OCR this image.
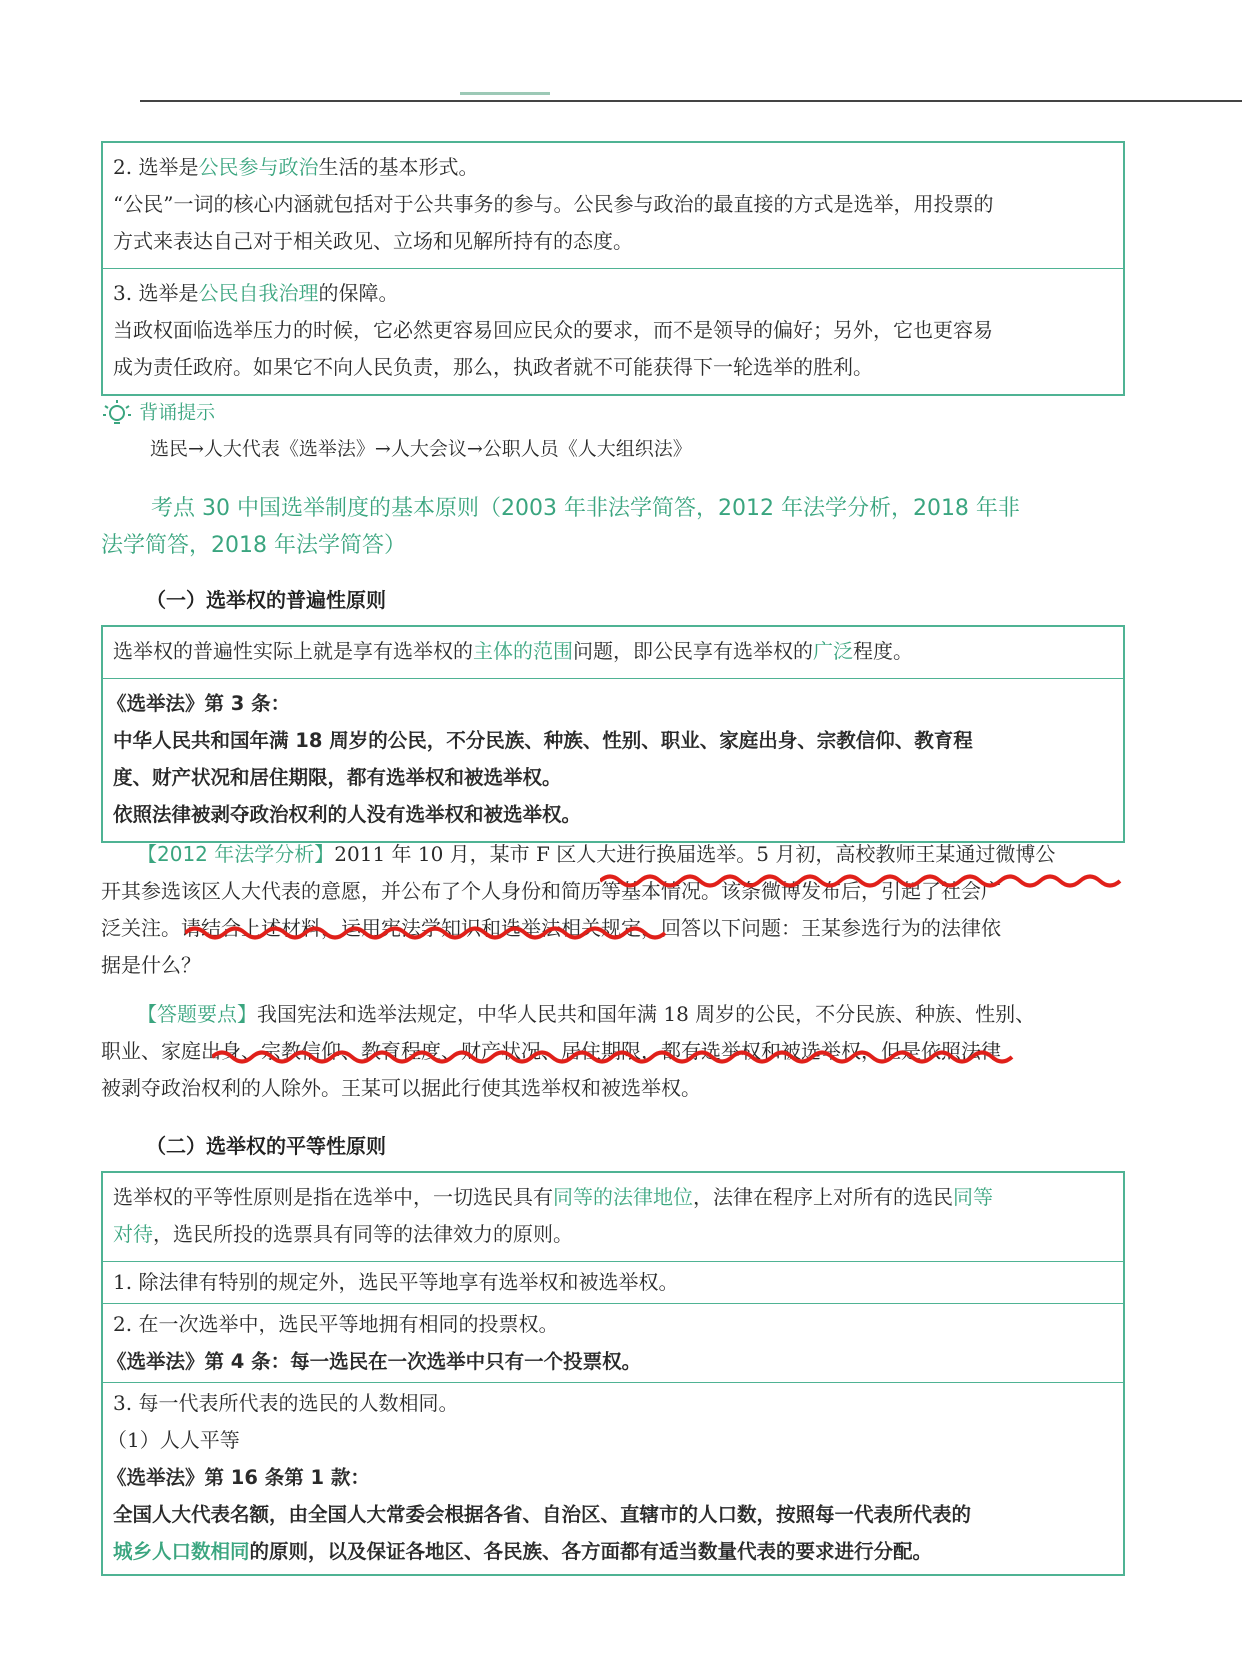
2. 选举是公民参与政治生活的基本形式。
“公民”一词的核心内涵就包括对于公共事务的参与。公民参与政治的最直接的方式是选举，用投票的
方式来表达自己对于相关政见、立场和见解所持有的态度。
3. 选举是公民自我治理的保障。
当政权面临选举压力的时候，它必然更容易回应民众的要求，而不是领导的偏好；另外，它也更容易
成为责任政府。如果它不向人民负责，那么，执政者就不可能获得下一轮选举的胜利。
背诵提示
选民→人大代表《选举法》→人大会议→公职人员《人大组织法》
考点 30 中国选举制度的基本原则（2003 年非法学简答，2012 年法学分析，2018 年非
法学简答，2018 年法学简答）
（一）选举权的普遍性原则
选举权的普遍性实际上就是享有选举权的主体的范围问题，即公民享有选举权的广泛程度。
《选举法》第 3 条：
中华人民共和国年满 18 周岁的公民，不分民族、种族、性别、职业、家庭出身、宗教信仰、教育程
度、财产状况和居住期限，都有选举权和被选举权。
依照法律被剥夺政治权利的人没有选举权和被选举权。
【2012 年法学分析】2011 年 10 月，某市 F 区人大进行换届选举。5 月初，高校教师王某通过微博公
开其参选该区人大代表的意愿，并公布了个人身份和简历等基本情况。该条微博发布后，引起了社会广
泛关注。请结合上述材料，运用宪法学知识和选举法相关规定，回答以下问题：王某参选行为的法律依
据是什么？
【答题要点】我国宪法和选举法规定，中华人民共和国年满 18 周岁的公民，不分民族、种族、性别、
职业、家庭出身、宗教信仰、教育程度、财产状况、居住期限，都有选举权和被选举权，但是依照法律
被剥夺政治权利的人除外。王某可以据此行使其选举权和被选举权。
（二）选举权的平等性原则
选举权的平等性原则是指在选举中，一切选民具有同等的法律地位，法律在程序上对所有的选民同等
对待，选民所投的选票具有同等的法律效力的原则。
1. 除法律有特别的规定外，选民平等地享有选举权和被选举权。
2. 在一次选举中，选民平等地拥有相同的投票权。
《选举法》第 4 条：每一选民在一次选举中只有一个投票权。
3. 每一代表所代表的选民的人数相同。
（1）人人平等
《选举法》第 16 条第 1 款：
全国人大代表名额，由全国人大常委会根据各省、自治区、直辖市的人口数，按照每一代表所代表的
城乡人口数相同的原则，以及保证各地区、各民族、各方面都有适当数量代表的要求进行分配。
